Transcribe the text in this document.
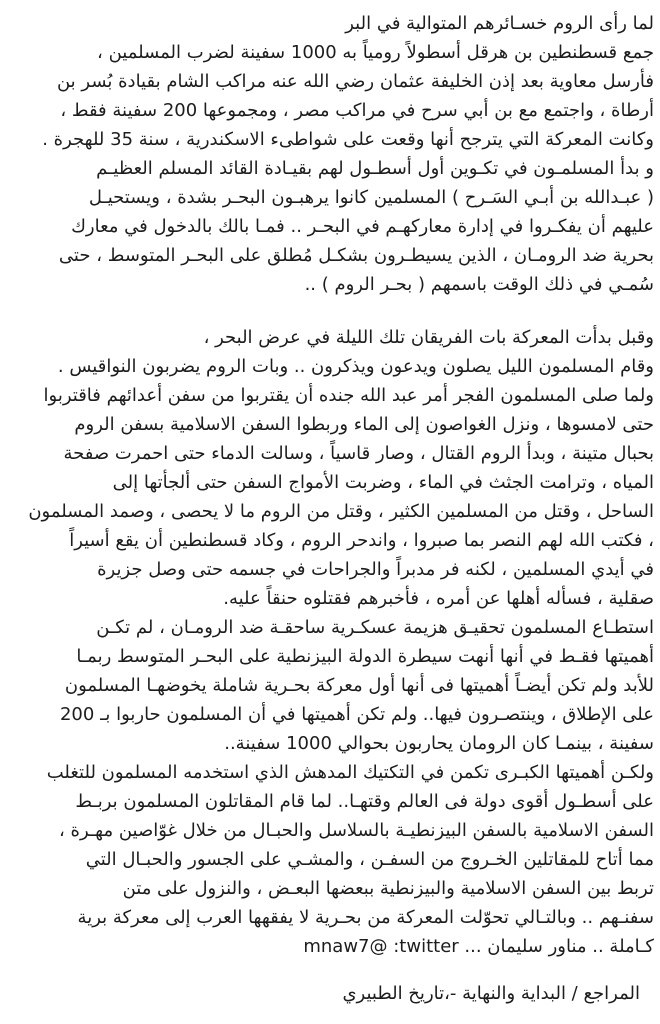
لما رأى الروم خسـائرهم المتوالية في البر
جمع قسطنطين بن هرقل أسطولاً رومياً به 1000 سفينة لضرب المسلمين ،
فأرسل معاوية بعد إذن الخليفة عثمان رضي الله عنه مراكب الشام بقيادة بُسر بن
أرطاة ، واجتمع مع بن أبي سرح في مراكب مصر ، ومجموعها 200 سفينة فقط ،
وكانت المعركة التي يترجح أنها وقعت على شواطىء الاسكندرية ، سنة 35 للهجرة .
و بدأ المسلمـون في تكـوين أول أسطـول لهم بقيـادة القائد المسلم العظيـم
( عبـدالله بن أبـي السَـرح ) المسلمين كانوا يرهبـون البحـر بشدة ، ويستحيـل
عليهم أن يفكـروا في إدارة معاركهـم في البحـر .. فمـا بالك بالدخول في معارك
بحرية ضد الرومـان ، الذين يسيطـرون بشكـل مُطلق على البحـر المتوسط ، حتى
سُمـي في ذلك الوقت باسمهم ( بحـر الروم ) ..
وقبل بدأت المعركة بات الفريقان تلك الليلة في عرض البحر ،
وقام المسلمون الليل يصلون ويدعون ويذكرون .. وبات الروم يضربون النواقيس .
ولما صلى المسلمون الفجر أمر عبد الله جنده أن يقتربوا من سفن أعدائهم فاقتربوا
حتى لامسوها ، ونزل الغواصون إلى الماء وربطوا السفن الاسلامية بسفن الروم
بحبال متينة ، وبدأ الروم القتال ، وصار قاسياً ، وسالت الدماء حتى احمرت صفحة
المياه ، وترامت الجثث في الماء ، وضربت الأمواج السفن حتى ألجأتها إلى
الساحل ، وقتل من المسلمين الكثير ، وقتل من الروم ما لا يحصى ، وصمد المسلمون
، فكتب الله لهم النصر بما صبروا ، واندحر الروم ، وكاد قسطنطين أن يقع أسيراً
في أيدي المسلمين ، لكنه فر مدبراً والجراحات في جسمه حتى وصل جزيرة
صقلية ، فسأله أهلها عن أمره ، فأخبرهم فقتلوه حنقاً عليه.
استطـاع المسلمون تحقيـق هزيمة عسكـرية ساحقـة ضد الرومـان ، لم تكـن
أهميتها فقـط في أنها أنهت سيطرة الدولة البيزنطية على البحـر المتوسط ربمـا
للأبد ولم تكن أيضـاً أهميتها فى أنها أول معركة بحـرية شاملة يخوضهـا المسلمون
على الإطلاق ، وينتصـرون فيها.. ولم تكن أهميتها في أن المسلمون حاربوا بـ 200
سفينة ، بينمـا كان الرومان يحاربون بحوالي 1000 سفينة..
ولكـن أهميتها الكبـرى تكمن في التكتيك المدهش الذي استخدمه المسلمون للتغلب
على أسطـول أقوى دولة فى العالم وقتهـا.. لما قام المقاتلون المسلمون بربـط
السفن الاسلامية بالسفن البيزنطيـة بالسلاسل والحبـال من خلال غوّاصين مهـرة ،
مما أتاح للمقاتلين الخـروج من السفـن ، والمشـي على الجسور والحبـال التي
تربط بين السفن الاسلامية والبيزنطية ببعضها البعـض ، والنزول على متن
سفنـهم .. وبالتـالي تحوّلت المعركة من بحـرية لا يفقهها العرب إلى معركة برية
كـاملة .. مناور سليمان ... mnaw7@ :twitter
المراجع / البداية والنهاية -،تاريخ الطبيري
